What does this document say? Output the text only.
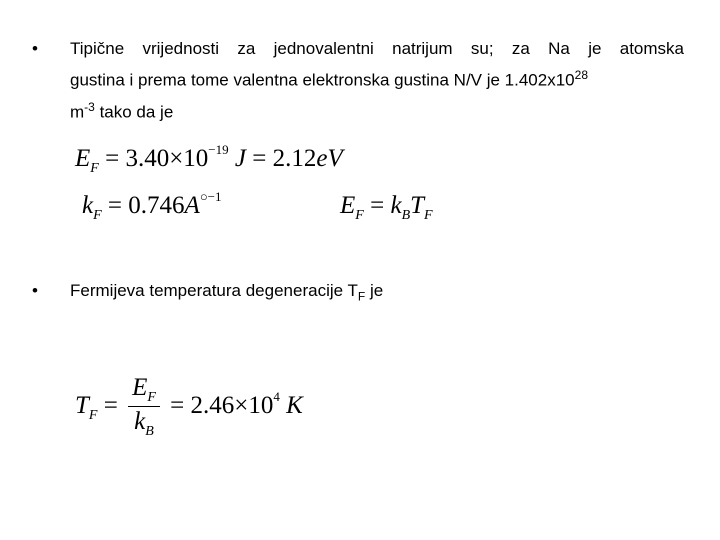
• Tipične vrijednosti za jednovalentni natrijum su; za Na je atomska
gustina i prema tome valentna elektronska gustina N/V je $1.402x10^{28}$
$m^{-3}$ tako da je
$E_F = 3.40\times 10^{-19}$ J = 2.12eV
$k_F = 0.746A^{○-1}$	$E_F = k_BT_F$
• Fermijeva temperatura degeneracije $T_F$ je
$T_F = \frac{E_F}{k_B} = 2.46\times 10^4$ K
